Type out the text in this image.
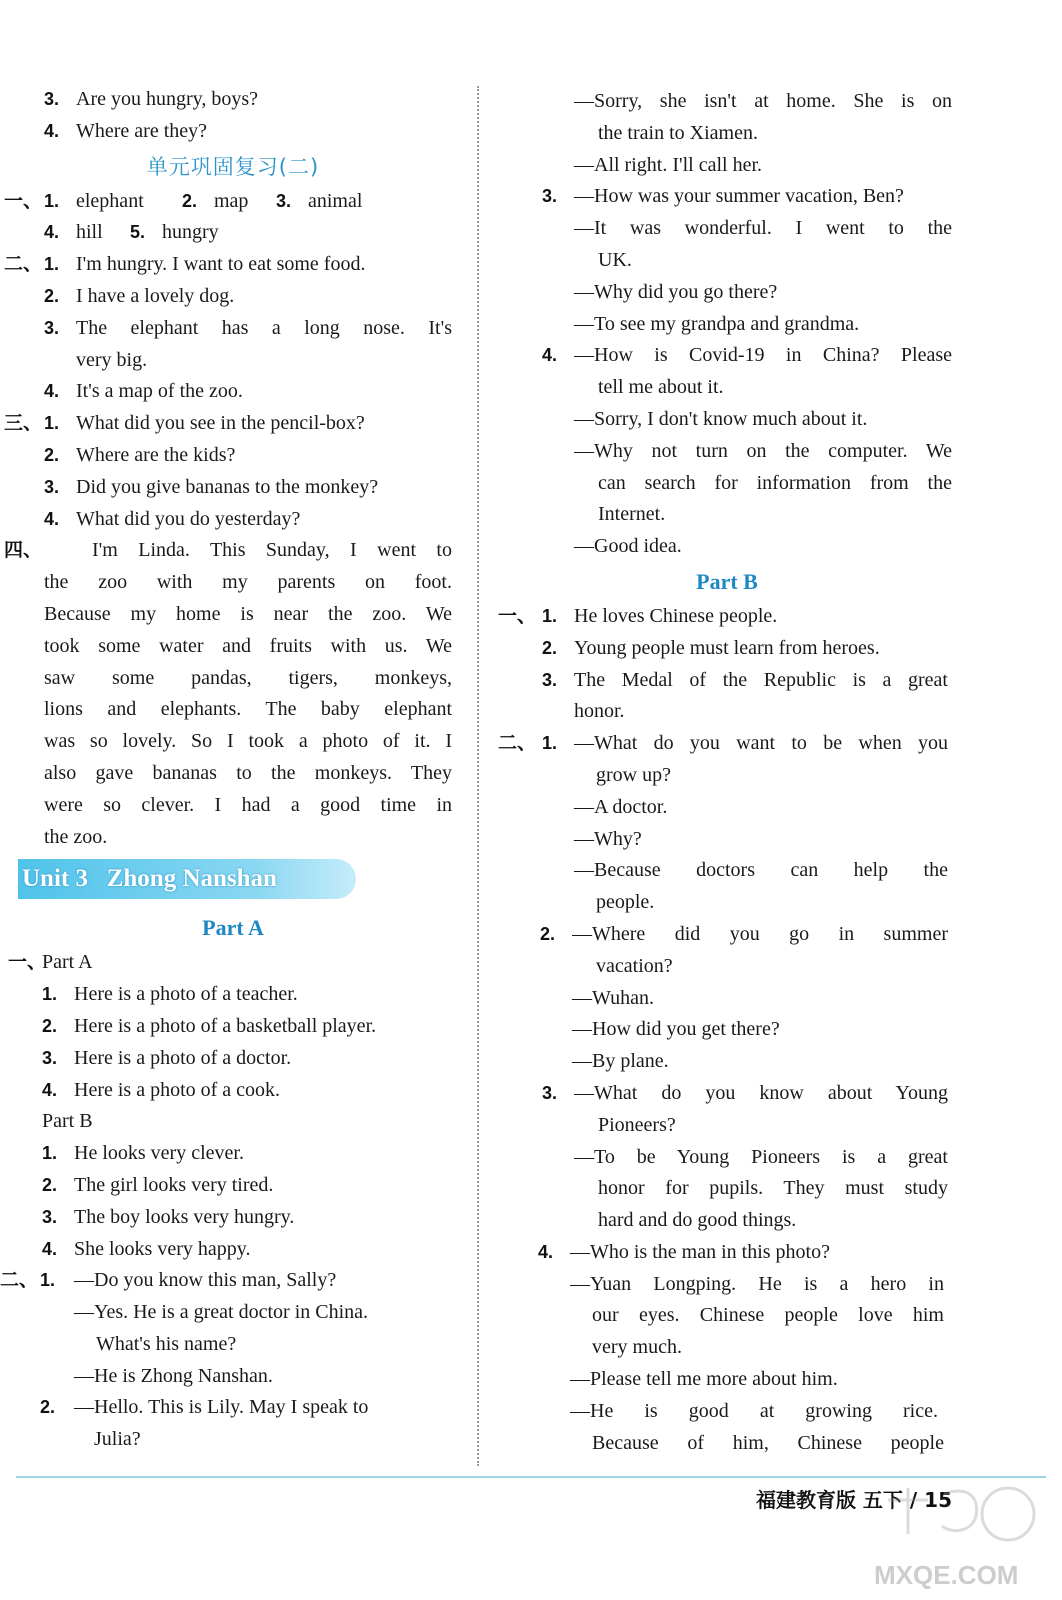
3. Are you hungry, boys?
4. Where are they?
单元巩固复习(二)
一、 1. elephant 2. map 3. animal
4. hill 5. hungry
二、 1. I'm hungry. I want to eat some food.
2. I have a lovely dog.
3. The elephant has a long nose. It's
very big.
4. It's a map of the zoo.
三、 1. What did you see in the pencil-box?
2. Where are the kids?
3. Did you give bananas to the monkey?
4. What did you do yesterday?
四、 I'm Linda. This Sunday, I went to
the zoo with my parents on foot.
Because my home is near the zoo. We
took some water and fruits with us. We
saw some pandas, tigers, monkeys,
lions and elephants. The baby elephant
was so lovely. So I took a photo of it. I
also gave bananas to the monkeys. They
were so clever. I had a good time in
the zoo.
Unit 3   Zhong Nanshan
Part A
一、
Part A
1. Here is a photo of a teacher.
2. Here is a photo of a basketball player.
3. Here is a photo of a doctor.
4. Here is a photo of a cook.
Part B
1. He looks very clever.
2. The girl looks very tired.
3. The boy looks very hungry.
4. She looks very happy.
二、 1. —Do you know this man, Sally?
—Yes. He is a great doctor in China.
What's his name?
—He is Zhong Nanshan.
2. —Hello. This is Lily. May I speak to
Julia?
—Sorry, she isn't at home. She is on
the train to Xiamen.
—All right. I'll call her.
3. —How was your summer vacation, Ben?
—It was wonderful. I went to the
UK.
—Why did you go there?
—To see my grandpa and grandma.
4. —How is Covid-19 in China? Please
tell me about it.
—Sorry, I don't know much about it.
—Why not turn on the computer. We
can search for information from the
Internet.
—Good idea.
Part B
一、 1. He loves Chinese people.
2. Young people must learn from heroes.
3. The Medal of the Republic is a great
honor.
二、 1. —What do you want to be when you
grow up?
—A doctor.
—Why?
—Because doctors can help the
people.
2. —Where did you go in summer
vacation?
—Wuhan.
—How did you get there?
—By plane.
3. —What do you know about Young
Pioneers?
—To be Young Pioneers is a great
honor for pupils. They must study
hard and do good things.
4. —Who is the man in this photo?
—Yuan Longping. He is a hero in
our eyes. Chinese people love him
very much.
—Please tell me more about him.
—He is good at growing rice.
Because of him, Chinese people
福建教育版 五下 / 15
MXQE.COM
